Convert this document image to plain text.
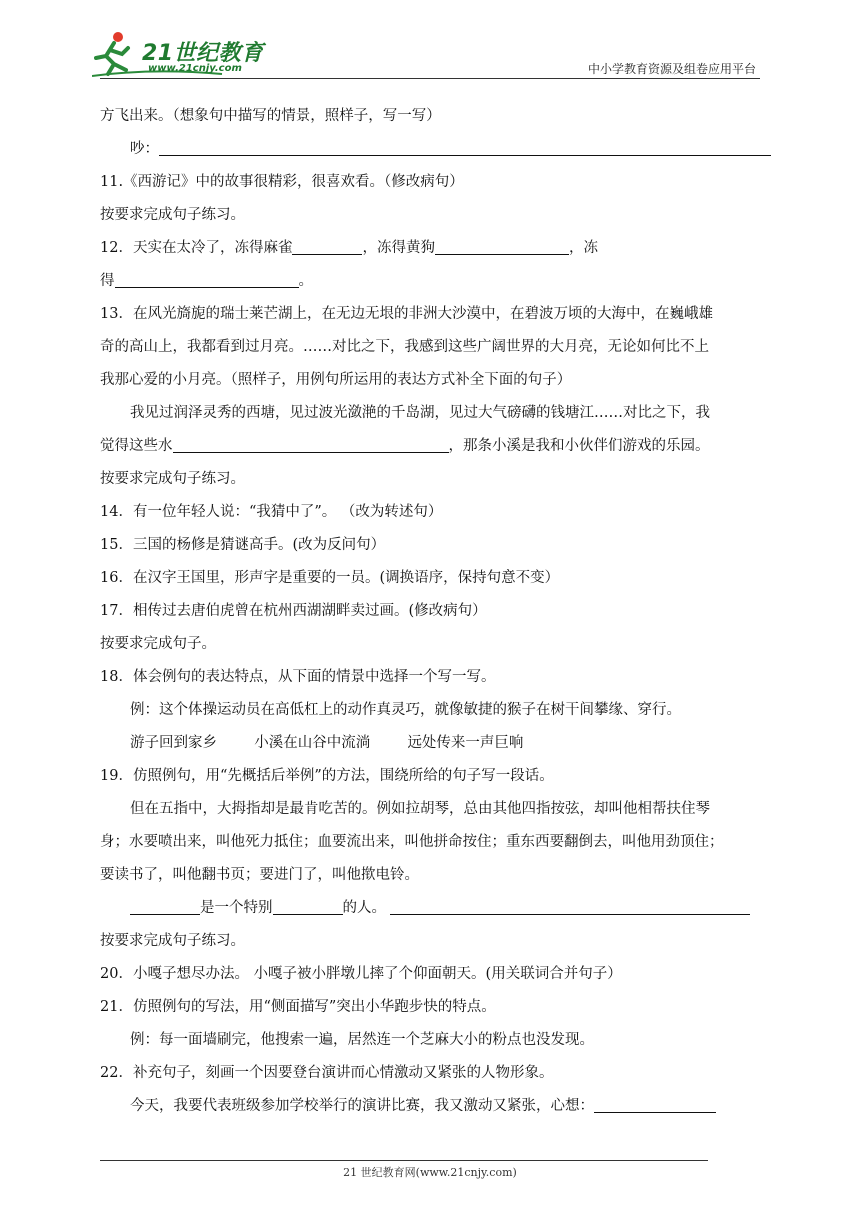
21世纪教育
www.21cnjy.com	中小学教育资源及组卷应用平台
方飞出来。（想象句中描写的情景，照样子，写一写）
吵：
11.《西游记》中的故事很精彩，很喜欢看。（修改病句）
按要求完成句子练习。
12．天实在太冷了，冻得麻雀	，冻得黄狗	，冻
得	。
13．在风光旖旎的瑞士莱芒湖上，在无边无垠的非洲大沙漠中，在碧波万顷的大海中，在巍峨雄
奇的高山上，我都看到过月亮。……对比之下，我感到这些广阔世界的大月亮，无论如何比不上
我那心爱的小月亮。（照样子，用例句所运用的表达方式补全下面的句子）
我见过润泽灵秀的西塘，见过波光潋滟的千岛湖，见过大气磅礴的钱塘江……对比之下，我
觉得这些水	，那条小溪是我和小伙伴们游戏的乐园。
按要求完成句子练习。
14．有一位年轻人说：“我猜中了”。 （改为转述句）
15．三国的杨修是猜谜高手。(改为反问句）
16．在汉字王国里，形声字是重要的一员。(调换语序，保持句意不变）
17．相传过去唐伯虎曾在杭州西湖湖畔卖过画。(修改病句）
按要求完成句子。
18．体会例句的表达特点，从下面的情景中选择一个写一写。
例：这个体操运动员在高低杠上的动作真灵巧，就像敏捷的猴子在树干间攀缘、穿行。
游子回到家乡	小溪在山谷中流淌	远处传来一声巨响
19．仿照例句，用“先概括后举例”的方法，围绕所给的句子写一段话。
但在五指中，大拇指却是最肯吃苦的。例如拉胡琴，总由其他四指按弦，却叫他相帮扶住琴
身；水要喷出来，叫他死力抵住；血要流出来，叫他拼命按住；重东西要翻倒去，叫他用劲顶住；
要读书了，叫他翻书页；要进门了，叫他揿电铃。
是一个特别	的人。
按要求完成句子练习。
20．小嘎子想尽办法。 小嘎子被小胖墩儿摔了个仰面朝天。(用关联词合并句子）
21．仿照例句的写法，用“侧面描写”突出小华跑步快的特点。
例：每一面墙刷完，他搜索一遍，居然连一个芝麻大小的粉点也没发现。
22．补充句子，刻画一个因要登台演讲而心情激动又紧张的人物形象。
今天，我要代表班级参加学校举行的演讲比赛，我又激动又紧张，心想：
21 世纪教育网(www.21cnjy.com)
